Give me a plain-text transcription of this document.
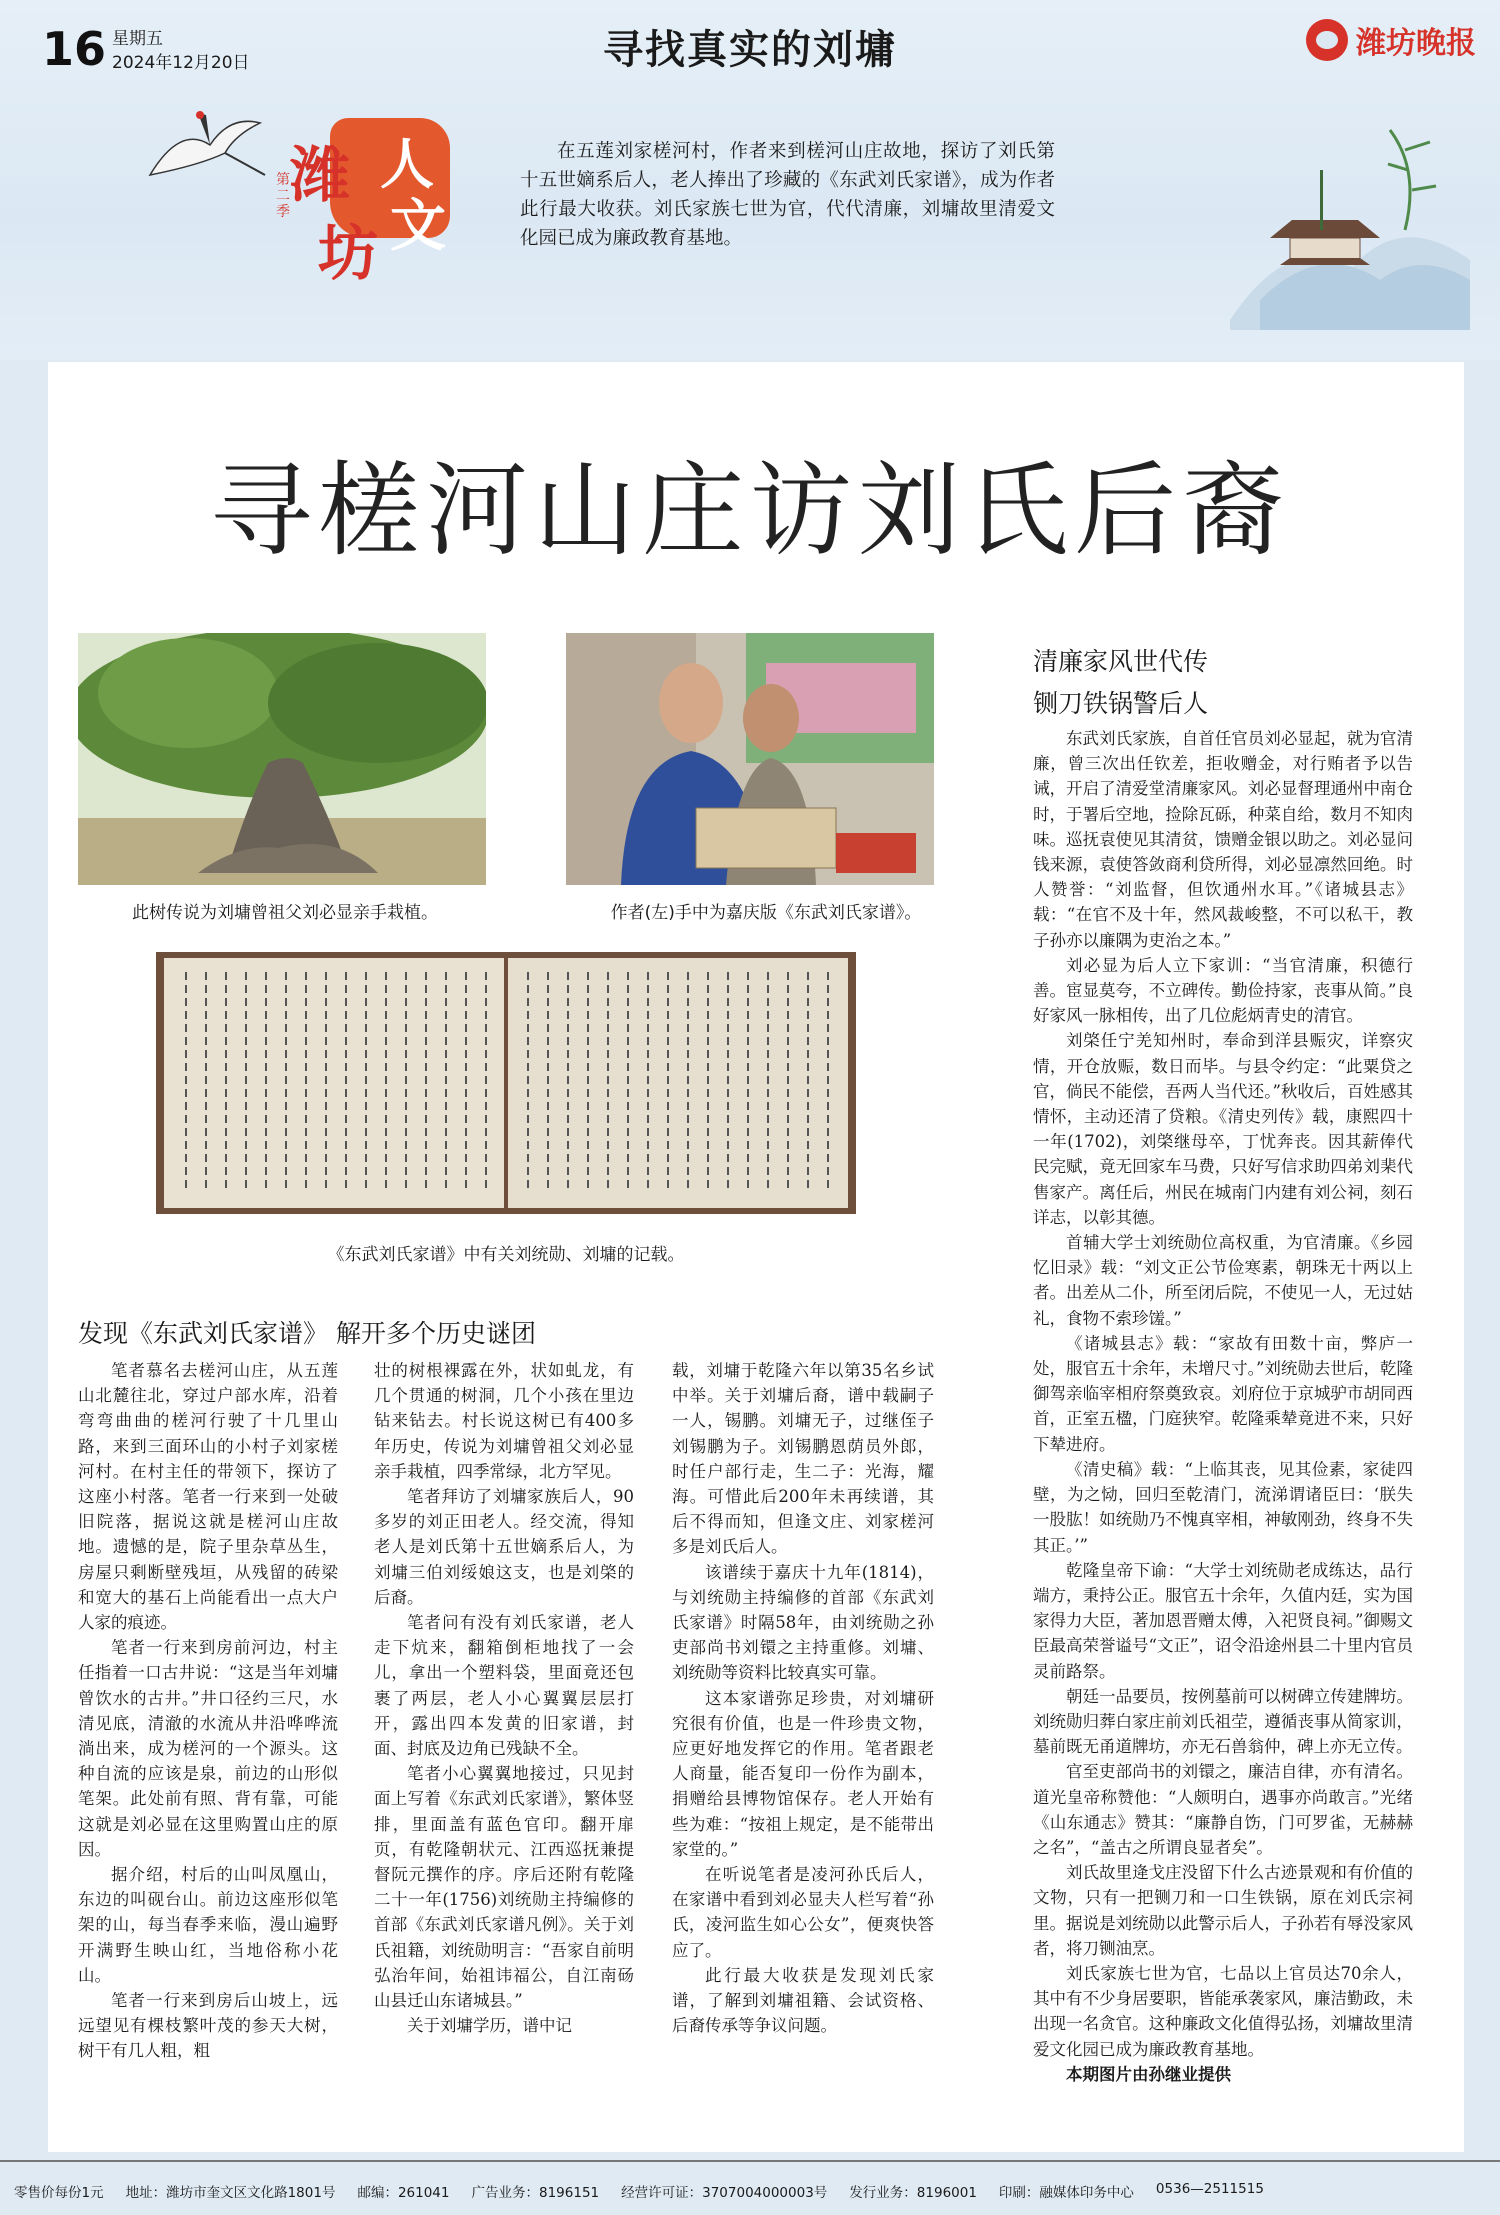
16 星期五
2024年12月20日	寻找真实的刘墉	潍坊晚报
潍 人
坊 文
第二季
在五莲刘家槎河村，作者来到槎河山庄故地，探访了刘氏第十五世嫡系后人，老人捧出了珍藏的《东武刘氏家谱》，成为作者此行最大收获。刘氏家族七世为官，代代清廉，刘墉故里清爱文化园已成为廉政教育基地。
寻槎河山庄访刘氏后裔
此树传说为刘墉曾祖父刘必显亲手栽植。	作者(左)手中为嘉庆版《东武刘氏家谱》。
《东武刘氏家谱》中有关刘统勋、刘墉的记载。
发现《东武刘氏家谱》 解开多个历史谜团
清廉家风世代传
铡刀铁锅警后人

笔者慕名去槎河山庄，从五莲山北麓往北，穿过户部水库，沿着弯弯曲曲的槎河行驶了十几里山路，来到三面环山的小村子刘家槎河村。在村主任的带领下，探访了这座小村落。笔者一行来到一处破旧院落，据说这就是槎河山庄故地。遗憾的是，院子里杂草丛生，房屋只剩断壁残垣，从残留的砖梁和宽大的基石上尚能看出一点大户人家的痕迹。

笔者一行来到房前河边，村主任指着一口古井说：“这是当年刘墉曾饮水的古井。”井口径约三尺，水清见底，清澈的水流从井沿哗哗流淌出来，成为槎河的一个源头。这种自流的应该是泉，前边的山形似笔架。此处前有照、背有靠，可能这就是刘必显在这里购置山庄的原因。

据介绍，村后的山叫凤凰山，东边的叫砚台山。前边这座形似笔架的山，每当春季来临，漫山遍野开满野生映山红，当地俗称小花山。

笔者一行来到房后山坡上，远远望见有棵枝繁叶茂的参天大树，树干有几人粗，粗

壮的树根裸露在外，状如虬龙，有几个贯通的树洞，几个小孩在里边钻来钻去。村长说这树已有400多年历史，传说为刘墉曾祖父刘必显亲手栽植，四季常绿，北方罕见。

笔者拜访了刘墉家族后人，90多岁的刘正田老人。经交流，得知老人是刘氏第十五世嫡系后人，为刘墉三伯刘绥娘这支，也是刘棨的后裔。

笔者问有没有刘氏家谱，老人走下炕来，翻箱倒柜地找了一会儿，拿出一个塑料袋，里面竟还包裹了两层，老人小心翼翼层层打开，露出四本发黄的旧家谱，封面、封底及边角已残缺不全。

笔者小心翼翼地接过，只见封面上写着《东武刘氏家谱》，繁体竖排，里面盖有蓝色官印。翻开扉页，有乾隆朝状元、江西巡抚兼提督阮元撰作的序。序后还附有乾隆二十一年(1756)刘统勋主持编修的首部《东武刘氏家谱凡例》。关于刘氏祖籍，刘统勋明言：“吾家自前明弘治年间，始祖讳福公，自江南砀山县迁山东诸城县。”

关于刘墉学历，谱中记

载，刘墉于乾隆六年以第35名乡试中举。关于刘墉后裔，谱中载嗣子一人，锡鹏。刘墉无子，过继侄子刘锡鹏为子。刘锡鹏恩荫员外郎，时任户部行走，生二子：光海，耀海。可惜此后200年未再续谱，其后不得而知，但逢文庄、刘家槎河多是刘氏后人。

该谱续于嘉庆十九年(1814)，与刘统勋主持编修的首部《东武刘氏家谱》时隔58年，由刘统勋之孙吏部尚书刘镮之主持重修。刘墉、刘统勋等资料比较真实可靠。

这本家谱弥足珍贵，对刘墉研究很有价值，也是一件珍贵文物，应更好地发挥它的作用。笔者跟老人商量，能否复印一份作为副本，捐赠给县博物馆保存。老人开始有些为难：“按祖上规定，是不能带出家堂的。”

在听说笔者是凌河孙氏后人，在家谱中看到刘必显夫人栏写着“孙氏，凌河监生如心公女”，便爽快答应了。

此行最大收获是发现刘氏家谱，了解到刘墉祖籍、会试资格、后裔传承等争议问题。

东武刘氏家族，自首任官员刘必显起，就为官清廉，曾三次出任钦差，拒收赠金，对行贿者予以告诫，开启了清爱堂清廉家风。刘必显督理通州中南仓时，于署后空地，捡除瓦砾，种菜自给，数月不知肉味。巡抚袁使见其清贫，馈赠金银以助之。刘必显问钱来源，袁使答敛商利贷所得，刘必显凛然回绝。时人赞誉：“刘监督，但饮通州水耳。”《诸城县志》载：“在官不及十年，然风裁峻整，不可以私干，教子孙亦以廉隅为吏治之本。”

刘必显为后人立下家训：“当官清廉，积德行善。宦显莫夸，不立碑传。勤俭持家，丧事从简。”良好家风一脉相传，出了几位彪炳青史的清官。

刘棨任宁羌知州时，奉命到洋县赈灾，详察灾情，开仓放赈，数日而毕。与县令约定：“此粟贷之官，倘民不能偿，吾两人当代还。”秋收后，百姓感其情怀，主动还清了贷粮。《清史列传》载，康熙四十一年(1702)，刘棨继母卒，丁忧奔丧。因其薪俸代民完赋，竟无回家车马费，只好写信求助四弟刘棐代售家产。离任后，州民在城南门内建有刘公祠，刻石详志，以彰其德。

首辅大学士刘统勋位高权重，为官清廉。《乡园忆旧录》载：“刘文正公节俭寒素，朝珠无十两以上者。出差从二仆，所至闭后院，不使见一人，无过姑礼，食物不索珍馐。”

《诸城县志》载：“家故有田数十亩，弊庐一处，服官五十余年，未增尺寸。”刘统勋去世后，乾隆御驾亲临宰相府祭奠致哀。刘府位于京城驴市胡同西首，正室五楹，门庭狭窄。乾隆乘辇竟进不来，只好下辇进府。

《清史稿》载：“上临其丧，见其俭素，家徒四壁，为之恸，回归至乾清门，流涕谓诸臣曰：‘朕失一股肱！如统勋乃不愧真宰相，神敏刚劲，终身不失其正。’”

乾隆皇帝下谕：“大学士刘统勋老成练达，品行端方，秉持公正。服官五十余年，久值内廷，实为国家得力大臣，著加恩晋赠太傅，入祀贤良祠。”御赐文臣最高荣誉谥号“文正”，诏令沿途州县二十里内官员灵前路祭。

朝廷一品要员，按例墓前可以树碑立传建牌坊。刘统勋归葬白家庄前刘氏祖茔，遵循丧事从简家训，墓前既无甬道牌坊，亦无石兽翁仲，碑上亦无立传。

官至吏部尚书的刘镮之，廉洁自律，亦有清名。道光皇帝称赞他：“人颇明白，遇事亦尚敢言。”光绪《山东通志》赞其：“廉静自饬，门可罗雀，无赫赫之名”，“盖古之所谓良显者矣”。

刘氏故里逄戈庄没留下什么古迹景观和有价值的文物，只有一把铡刀和一口生铁锅，原在刘氏宗祠里。据说是刘统勋以此警示后人，子孙若有辱没家风者，将刀铡油烹。

刘氏家族七世为官，七品以上官员达70余人，其中有不少身居要职，皆能承袭家风，廉洁勤政，未出现一名贪官。这种廉政文化值得弘扬，刘墉故里清爱文化园已成为廉政教育基地。

本期图片由孙继业提供

零售价每份1元 地址：潍坊市奎文区文化路1801号 邮编：261041 广告业务：8196151 经营许可证：3707004000003号 发行业务：8196001 印刷：融媒体印务中心 0536—2511515
